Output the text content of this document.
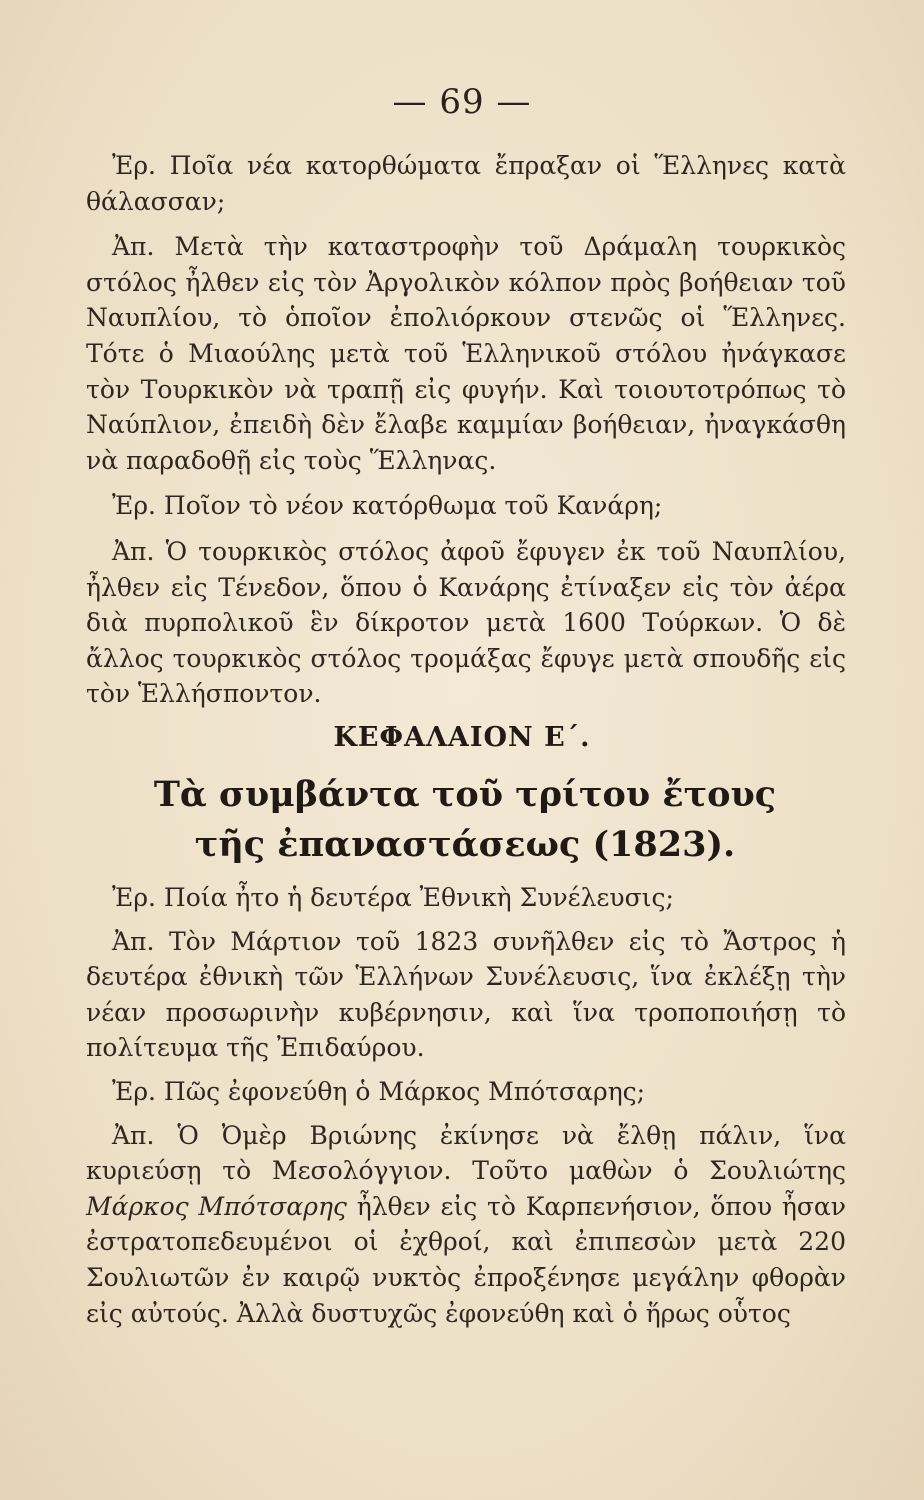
— 69 —

Ἐρ. Ποῖα νέα κατορθώματα ἔπραξαν οἱ Ἕλληνες κατὰ θάλασσαν;

Ἀπ. Μετὰ τὴν καταστροφὴν τοῦ Δράμαλη τουρκικὸς στόλος ἦλθεν εἰς τὸν Ἀργολικὸν κόλπον πρὸς βοήθειαν τοῦ Ναυπλίου, τὸ ὁποῖον ἐπολιόρκουν στενῶς οἱ Ἕλληνες. Τότε ὁ Μιαούλης μετὰ τοῦ Ἑλληνικοῦ στόλου ἠνάγκασε τὸν Τουρκικὸν νὰ τραπῇ εἰς φυγήν. Καὶ τοιουτοτρόπως τὸ Ναύπλιον, ἐπειδὴ δὲν ἔλαβε καμμίαν βοήθειαν, ἠναγκάσθη νὰ παραδοθῇ εἰς τοὺς Ἕλληνας.

Ἐρ. Ποῖον τὸ νέον κατόρθωμα τοῦ Κανάρη;

Ἀπ. Ὁ τουρκικὸς στόλος ἀφοῦ ἔφυγεν ἐκ τοῦ Ναυπλίου, ἦλθεν εἰς Τένεδον, ὅπου ὁ Κανάρης ἐτίναξεν εἰς τὸν ἀέρα διὰ πυρπολικοῦ ἓν δίκροτον μετὰ 1600 Τούρκων. Ὁ δὲ ἄλλος τουρκικὸς στόλος τρομάξας ἔφυγε μετὰ σπουδῆς εἰς τὸν Ἑλλήσποντον.

ΚΕΦΑΛΑΙΟΝ Ε΄.
Τὰ συμβάντα τοῦ τρίτου ἔτους τῆς ἐπαναστάσεως (1823).

Ἐρ. Ποία ἦτο ἡ δευτέρα Ἐθνικὴ Συνέλευσις;

Ἀπ. Τὸν Μάρτιον τοῦ 1823 συνῆλθεν εἰς τὸ Ἄστρος ἡ δευτέρα ἐθνικὴ τῶν Ἑλλήνων Συνέλευσις, ἵνα ἐκλέξῃ τὴν νέαν προσωρινὴν κυβέρνησιν, καὶ ἵνα τροποποιήσῃ τὸ πολίτευμα τῆς Ἐπιδαύρου.

Ἐρ. Πῶς ἐφονεύθη ὁ Μάρκος Μπότσαρης;

Ἀπ. Ὁ Ὀμὲρ Βριώνης ἐκίνησε νὰ ἔλθῃ πάλιν, ἵνα κυριεύσῃ τὸ Μεσολόγγιον. Τοῦτο μαθὼν ὁ Σουλιώτης Μάρκος Μπότσαρης ἦλθεν εἰς τὸ Καρπενήσιον, ὅπου ἦσαν ἐστρατοπεδευμένοι οἱ ἐχθροί, καὶ ἐπιπεσὼν μετὰ 220 Σουλιωτῶν ἐν καιρῷ νυκτὸς ἐπροξένησε μεγάλην φθορὰν εἰς αὐτούς. Ἀλλὰ δυστυχῶς ἐφονεύθη καὶ ὁ ἥρως οὗτος
